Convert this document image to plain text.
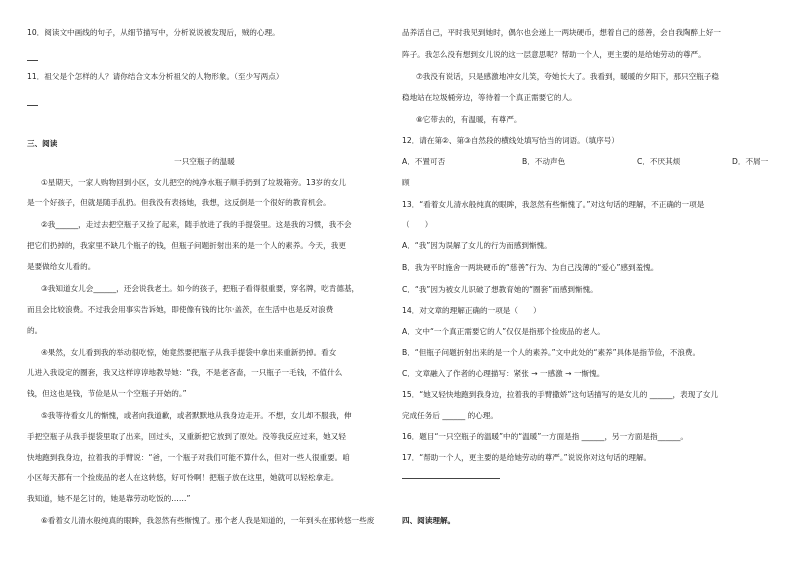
10．阅读文中画线的句子，从细节描写中，分析说说被发现后，贼的心理。
11．祖父是个怎样的人？请你结合文本分析祖父的人物形象。（至少写两点）
三、阅读
一只空瓶子的温暖
①星期天，一家人购物回到小区，女儿把空的纯净水瓶子顺手扔到了垃圾箱旁。13岁的女儿
是一个好孩子，但就是随手乱扔。但我没有表扬她，我想，这反倒是一个很好的教育机会。
②我______，走过去把空瓶子又捡了起来，随手放进了我的手提袋里。这是我的习惯，我不会
把它们扔掉的，我家里不缺几个瓶子的钱，但瓶子问题折射出来的是一个人的素养。今天，我更
是要做给女儿看的。
③我知道女儿会______，还会说我老土。如今的孩子，把瓶子看得很重要，穿名牌，吃肯德基，
而且会比较浪费。不过我会用事实告诉她，即使像有钱的比尔·盖茨，在生活中也是反对浪费
的。
④果然，女儿看到我的举动很吃惊，她竟然要把瓶子从我手提袋中拿出来重新扔掉。看女
儿进入我设定的圈套，我又这样谆谆地教导她：“我，不是老吝啬，一只瓶子一毛钱，不值什么
钱，但这也是钱，节俭是从一个空瓶子开始的。”
⑤我等待看女儿的惭愧，或者向我道歉，或者默默地从我身边走开。不想，女儿却不服我，伸
手把空瓶子从我手提袋里取了出来，回过头，又重新把它放到了原处。没等我反应过来，她又轻
快地跑到我身边，拉着我的手臂说：“爸，一个瓶子对我们可能不算什么，但对一些人很重要。咱
小区每天都有一个捡废品的老人在这转悠，好可怜啊！把瓶子放在这里，她就可以轻松拿走。
我知道，她不是乞讨的，她是靠劳动吃饭的……”
⑥看着女儿清水般纯真的眼眸，我忽然有些惭愧了。那个老人我是知道的，一年到头在那转悠一些废
品养活自己，平时我见到她时，偶尔也会递上一两块硬币，想着自己的慈善，会自我陶醉上好一
阵子。我怎么没有想到女儿说的这一层意思呢？帮助一个人，更主要的是给她劳动的尊严。
⑦我没有说话，只是感激地冲女儿笑，夸她长大了。我看到，暖暖的夕阳下，那只空瓶子稳
稳地站在垃圾桶旁边，等待着一个真正需要它的人。
⑧它带去的，有温暖，有尊严。
12．请在第②、第③自然段的横线处填写恰当的词语。（填序号）
A．不置可否	B．不动声色	C．不厌其烦	D．不屑一
顾
13．“看着女儿清水般纯真的眼眸，我忽然有些惭愧了。”对这句话的理解，不正确的一项是
（　　）
A．“我”因为误解了女儿的行为而感到惭愧。
B．我为平时施舍一两块硬币的“慈善”行为、为自己浅薄的“爱心”感到羞愧。
C．“我”因为被女儿识破了想教育她的“圈套”而感到惭愧。
14．对文章的理解正确的一项是（　　）
A．文中“一个真正需要它的人”仅仅是指那个捡废品的老人。
B．“但瓶子问题折射出来的是一个人的素养。”文中此处的“素养”具体是指节俭，不浪费。
C．文章融入了作者的心理描写：紧张 → 一感激 → 一惭愧。
15．“她又轻快地跑到我身边，拉着我的手臂撒娇”这句话描写的是女儿的 ______，表现了女儿
完成任务后 ______ 的心理。
16．题目“一只空瓶子的温暖”中的“温暖”一方面是指 ______，另一方面是指______。
17．“帮助一个人，更主要的是给她劳动的尊严。”说说你对这句话的理解。
四、阅读理解。
